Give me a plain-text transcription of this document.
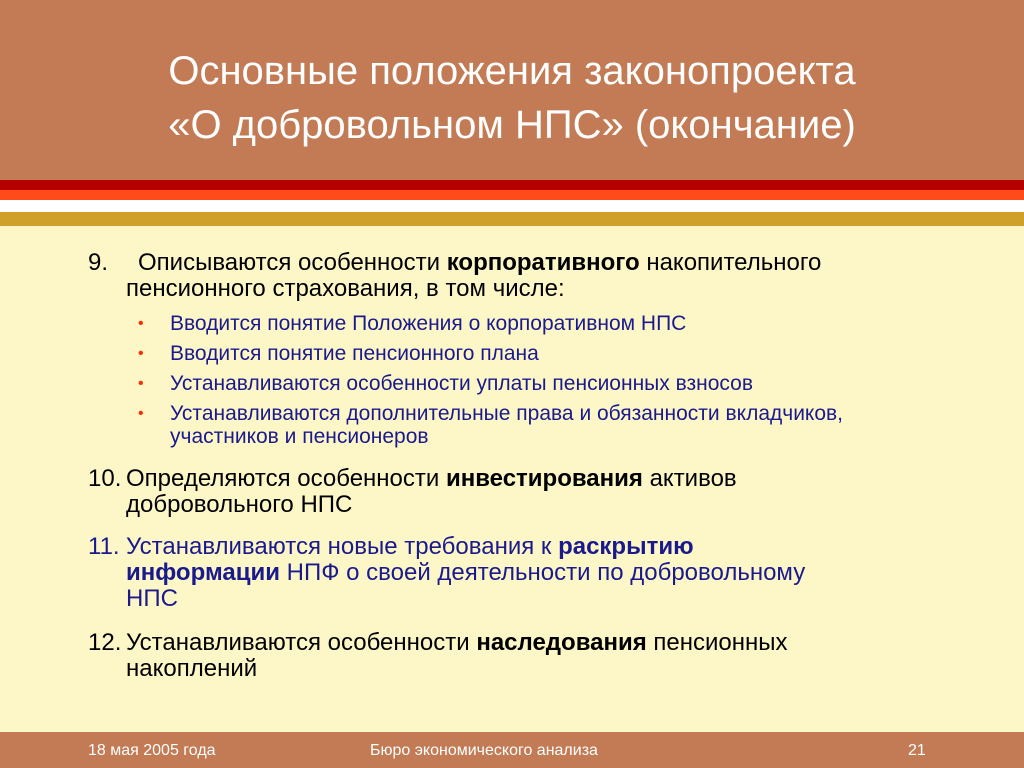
Основные положения законопроекта
«О добровольном НПС» (окончание)
9. Описываются особенности корпоративного накопительного
пенсионного страхования, в том числе:
• Вводится понятие Положения о корпоративном НПС
• Вводится понятие пенсионного плана
• Устанавливаются особенности уплаты пенсионных взносов
• Устанавливаются дополнительные права и обязанности вкладчиков, участников и пенсионеров
10. Определяются особенности инвестирования активов
добровольного НПС
11. Устанавливаются новые требования к раскрытию
информации НПФ о своей деятельности по добровольному
НПС
12. Устанавливаются особенности наследования пенсионных
накоплений
18 мая 2005 года	Бюро экономического анализа	21
